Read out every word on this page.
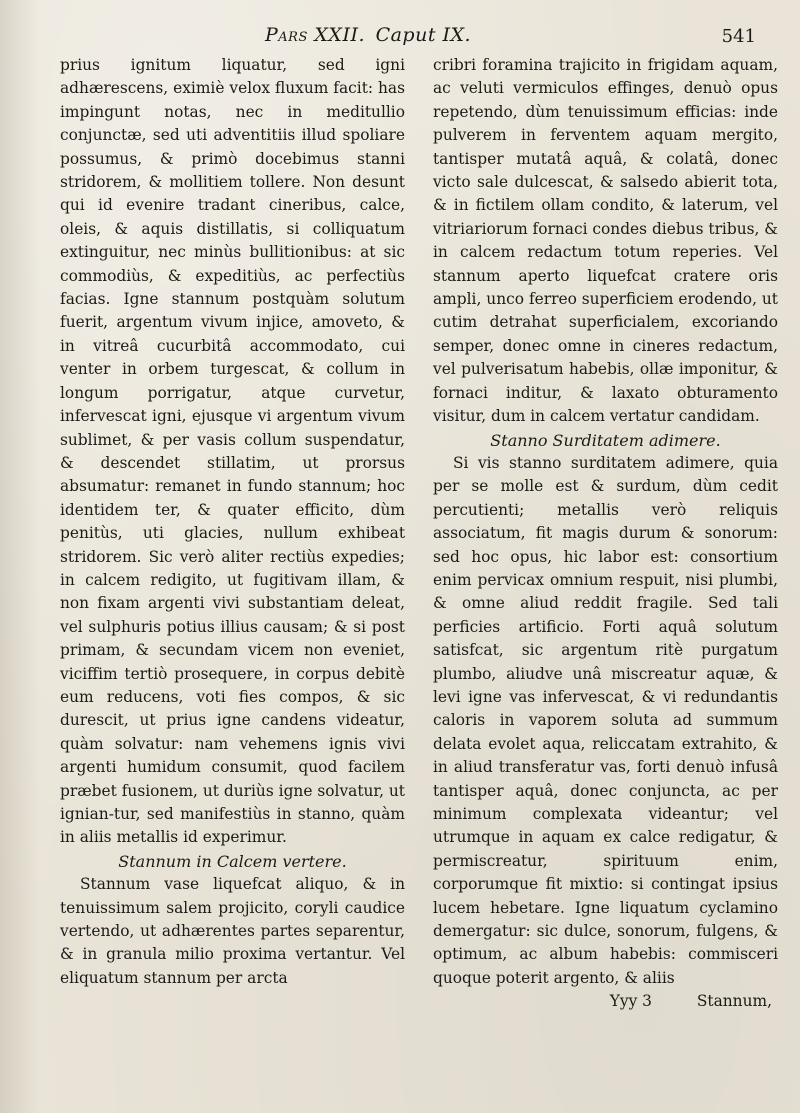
Pars XXII. Caput IX.	541

prius ignitum liquatur, sed igni adhærescens, eximiè velox fluxum facit: has impingunt notas, nec in meditullio conjunctæ, sed uti adventitiis illud spoliare possumus, & primò docebimus stanni stridorem, & mollitiem tollere. Non desunt qui id evenire tradant cineribus, calce, oleis, & aquis distillatis, si colliquatum extinguitur, nec minùs bullitionibus: at sic commodiùs, & expeditiùs, ac perfectiùs facias. Igne stannum postquàm solutum fuerit, argentum vivum injice, amoveto, & in vitreâ cucurbitâ accommodato, cui venter in orbem turgescat, & collum in longum porrigatur, atque curvetur, infervescat igni, ejusque vi argentum vivum sublimet, & per vasis collum suspendatur, & descendet stillatim, ut prorsus absumatur: remanet in fundo stannum; hoc identidem ter, & quater efficito, dùm penitùs, uti glacies, nullum exhibeat stridorem. Sic verò aliter rectiùs expedies; in calcem redigito, ut fugitivam illam, & non fixam argenti vivi substantiam deleat, vel sulphuris potius illius causam; & si post primam, & secundam vicem non eveniet, viciffim tertiò prosequere, in corpus debitè eum reducens, voti fies compos, & sic durescit, ut prius igne candens videatur, quàm solvatur: nam vehemens ignis vivi argenti humidum consumit, quod facilem præbet fusionem, ut duriùs igne solvatur, ut ignian-tur, sed manifestiùs in stanno, quàm in aliis metallis id experimur.

Stannum in Calcem vertere.

Stannum vase liquefcat aliquo, & in tenuissimum salem projicito, coryli caudice vertendo, ut adhærentes partes separentur, & in granula milio proxima vertantur. Vel eliquatum stannum per arcta

cribri foramina trajicito in frigidam aquam, ac veluti vermiculos effinges, denuò opus repetendo, dùm tenuissimum efficias: inde pulverem in ferventem aquam mergito, tantisper mutatâ aquâ, & colatâ, donec victo sale dulcescat, & salsedo abierit tota, & in fictilem ollam condito, & laterum, vel vitriariorum fornaci condes diebus tribus, & in calcem redactum totum reperies. Vel stannum aperto liquefcat cratere oris ampli, unco ferreo superficiem erodendo, ut cutim detrahat superficialem, excoriando semper, donec omne in cineres redactum, vel pulverisatum habebis, ollæ imponitur, & fornaci inditur, & laxato obturamento visitur, dum in calcem vertatur candidam.

Stanno Surditatem adimere.

Si vis stanno surditatem adimere, quia per se molle est & surdum, dùm cedit percutienti; metallis verò reliquis associatum, fit magis durum & sonorum: sed hoc opus, hic labor est: consortium enim pervicax omnium respuit, nisi plumbi, & omne aliud reddit fragile. Sed tali perficies artificio. Forti aquâ solutum satisfcat, sic argentum ritè purgatum plumbo, aliudve unâ miscreatur aquæ, & levi igne vas infervescat, & vi redundantis caloris in vaporem soluta ad summum delata evolet aqua, reliccatam extrahito, & in aliud transferatur vas, forti denuò infusâ tantisper aquâ, donec conjuncta, ac per minimum complexata videantur; vel utrumque in aquam ex calce redigatur, & permiscreatur, spirituum enim, corporumque fit mixtio: si contingat ipsius lucem hebetare. Igne liquatum cyclamino demergatur: sic dulce, sonorum, fulgens, & optimum, ac album habebis: commisceri quoque poterit argento, & aliis

Yyy 3	Stannum,
